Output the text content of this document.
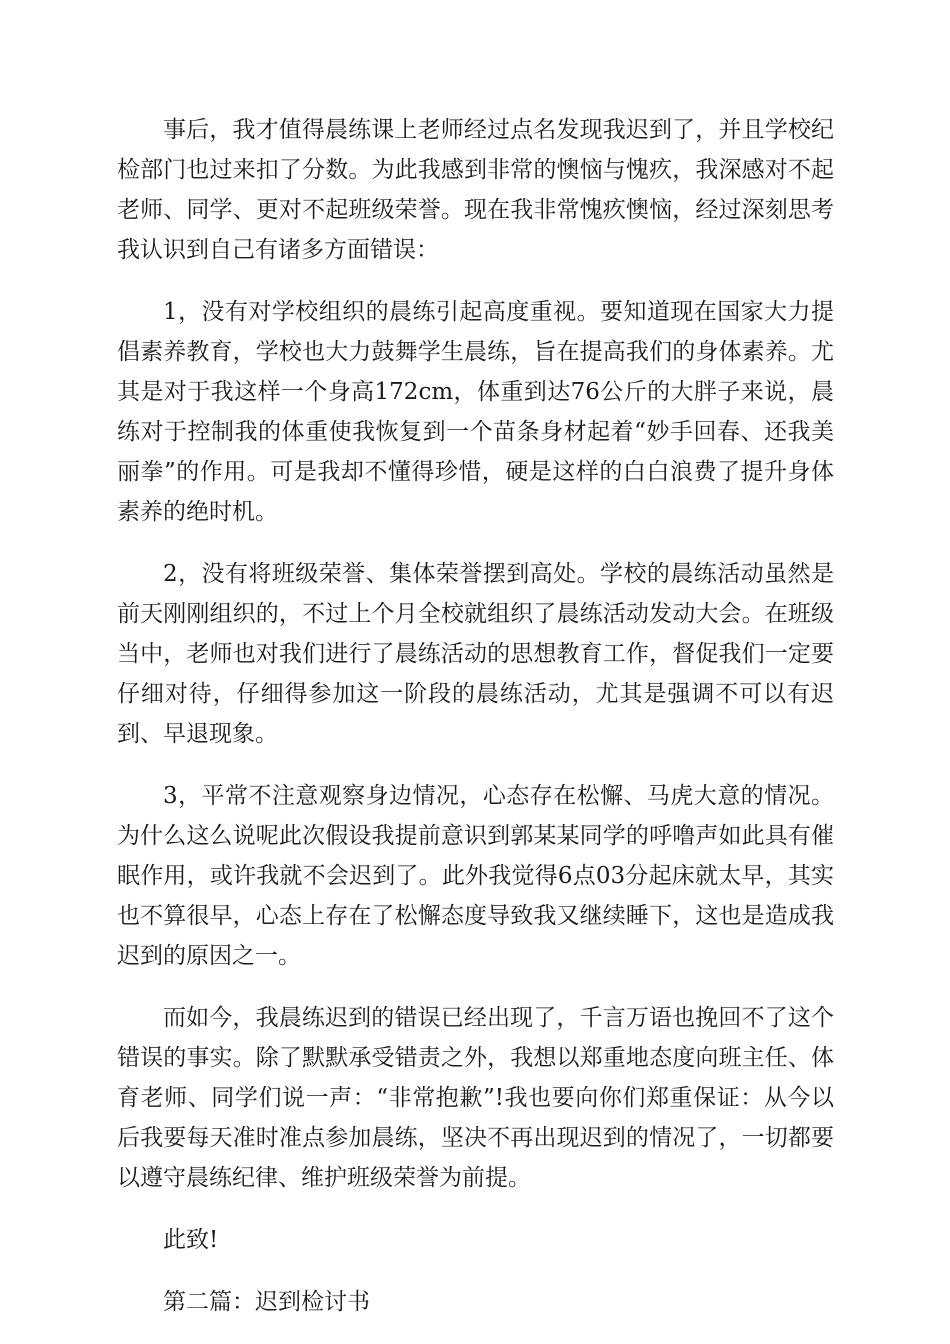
事后，我才值得晨练课上老师经过点名发现我迟到了，并且学校纪检部门也过来扣了分数。为此我感到非常的懊恼与愧疚，我深感对不起老师、同学、更对不起班级荣誉。现在我非常愧疚懊恼，经过深刻思考我认识到自己有诸多方面错误：

1，没有对学校组织的晨练引起高度重视。要知道现在国家大力提倡素养教育，学校也大力鼓舞学生晨练，旨在提高我们的身体素养。尤其是对于我这样一个身高172cm，体重到达76公斤的大胖子来说，晨练对于控制我的体重使我恢复到一个苗条身材起着“妙手回春、还我美丽拳”的作用。可是我却不懂得珍惜，硬是这样的白白浪费了提升身体素养的绝时机。

2，没有将班级荣誉、集体荣誉摆到高处。学校的晨练活动虽然是前天刚刚组织的，不过上个月全校就组织了晨练活动发动大会。在班级当中，老师也对我们进行了晨练活动的思想教育工作，督促我们一定要仔细对待，仔细得参加这一阶段的晨练活动，尤其是强调不可以有迟到、早退现象。

3，平常不注意观察身边情况，心态存在松懈、马虎大意的情况。为什么这么说呢此次假设我提前意识到郭某某同学的呼噜声如此具有催眠作用，或许我就不会迟到了。此外我觉得6点03分起床就太早，其实也不算很早，心态上存在了松懈态度导致我又继续睡下，这也是造成我迟到的原因之一。

而如今，我晨练迟到的错误已经出现了，千言万语也挽回不了这个错误的事实。除了默默承受错责之外，我想以郑重地态度向班主任、体育老师、同学们说一声：“非常抱歉”!我也要向你们郑重保证：从今以后我要每天准时准点参加晨练，坚决不再出现迟到的情况了，一切都要以遵守晨练纪律、维护班级荣誉为前提。

此致!

第二篇：迟到检讨书
